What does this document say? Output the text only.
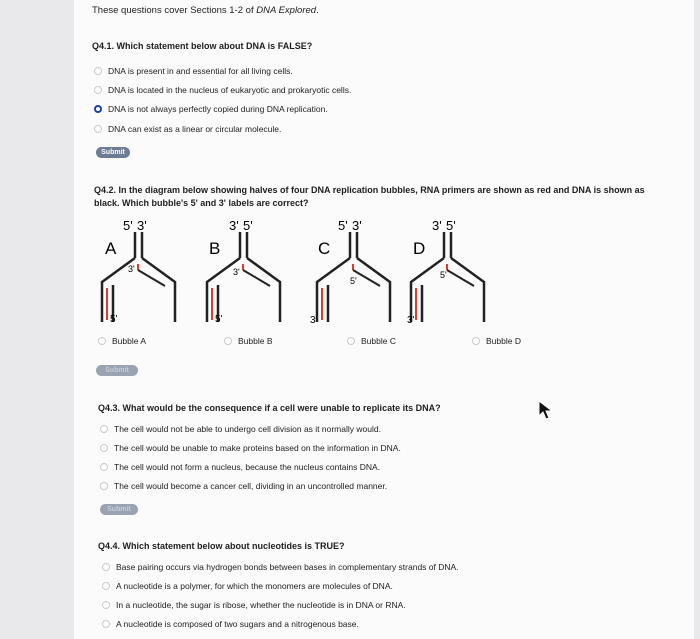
These questions cover Sections 1-2 of DNA Explored.
Q4.1. Which statement below about DNA is FALSE?
DNA is present in and essential for all living cells.
DNA is located in the nucleus of eukaryotic and prokaryotic cells.
DNA is not always perfectly copied during DNA replication.
DNA can exist as a linear or circular molecule.
Submit
Q4.2. In the diagram below showing halves of four DNA replication bubbles, RNA primers are shown as red and DNA is shown as black. Which bubble's 5' and 3' labels are correct?
5' 3'
A
3'
5'
3' 5'
B
3'
5'
5' 3'
C
5'
3'
3' 5'
D
5'
3'
Bubble A	Bubble B	Bubble C	Bubble D
Submit
Q4.3. What would be the consequence if a cell were unable to replicate its DNA?
The cell would not be able to undergo cell division as it normally would.
The cell would be unable to make proteins based on the information in DNA.
The cell would not form a nucleus, because the nucleus contains DNA.
The cell would become a cancer cell, dividing in an uncontrolled manner.
Submit
Q4.4. Which statement below about nucleotides is TRUE?
Base pairing occurs via hydrogen bonds between bases in complementary strands of DNA.
A nucleotide is a polymer, for which the monomers are molecules of DNA.
In a nucleotide, the sugar is ribose, whether the nucleotide is in DNA or RNA.
A nucleotide is composed of two sugars and a nitrogenous base.
